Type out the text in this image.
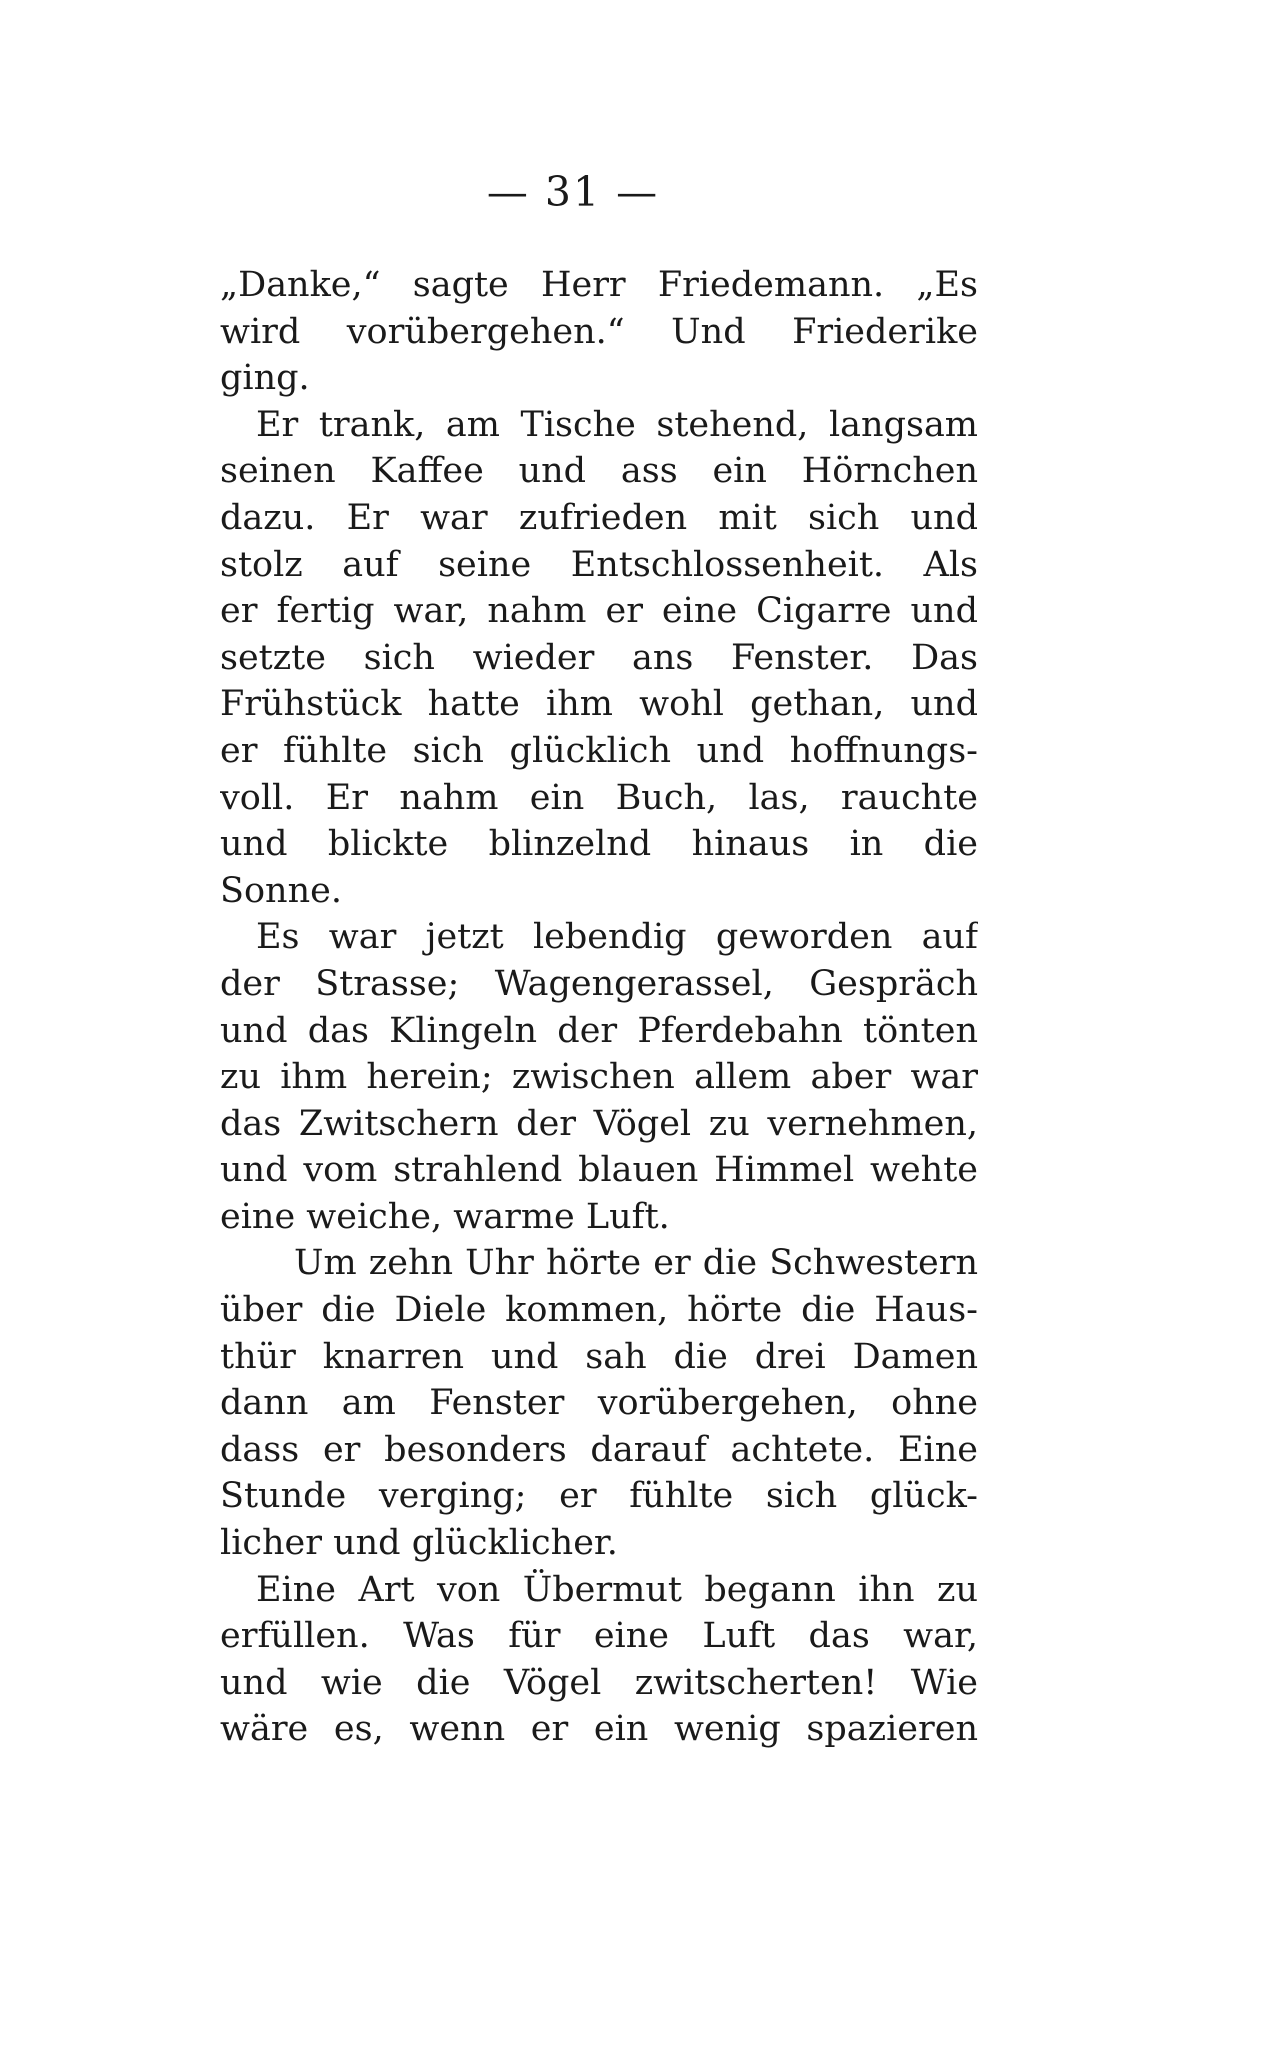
— 31 —
„Danke,“ sagte Herr Friedemann. „Es
wird vorübergehen.“ Und Friederike
ging.
Er trank, am Tische stehend, langsam
seinen Kaffee und ass ein Hörnchen
dazu. Er war zufrieden mit sich und
stolz auf seine Entschlossenheit. Als
er fertig war, nahm er eine Cigarre und
setzte sich wieder ans Fenster. Das
Frühstück hatte ihm wohl gethan, und
er fühlte sich glücklich und hoffnungs-
voll. Er nahm ein Buch, las, rauchte
und blickte blinzelnd hinaus in die
Sonne.
Es war jetzt lebendig geworden auf
der Strasse; Wagengerassel, Gespräch
und das Klingeln der Pferdebahn tönten
zu ihm herein; zwischen allem aber war
das Zwitschern der Vögel zu vernehmen,
und vom strahlend blauen Himmel wehte
eine weiche, warme Luft.
Um zehn Uhr hörte er die Schwestern
über die Diele kommen, hörte die Haus-
thür knarren und sah die drei Damen
dann am Fenster vorübergehen, ohne
dass er besonders darauf achtete. Eine
Stunde verging; er fühlte sich glück-
licher und glücklicher.
Eine Art von Übermut begann ihn zu
erfüllen. Was für eine Luft das war,
und wie die Vögel zwitscherten! Wie
wäre es, wenn er ein wenig spazieren
